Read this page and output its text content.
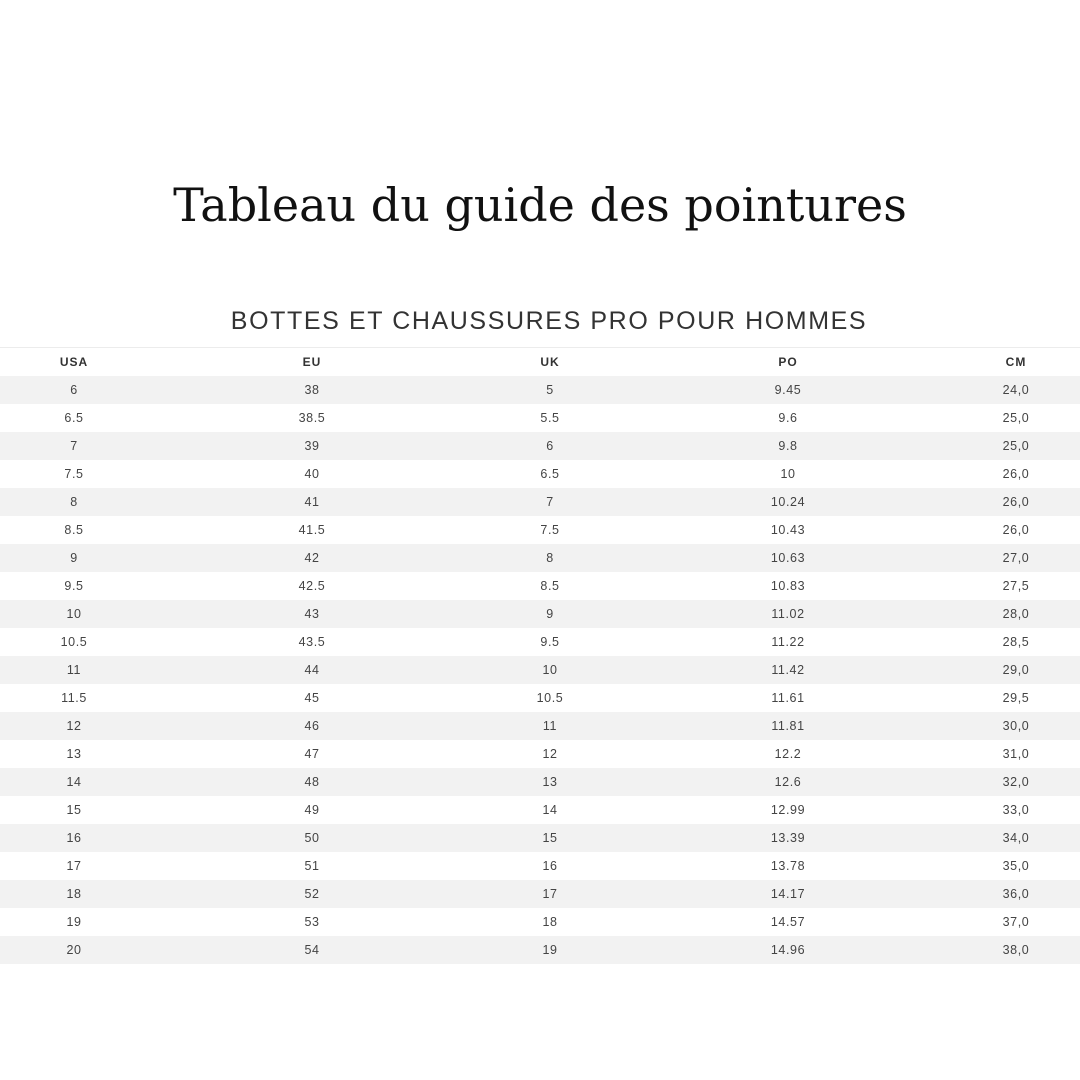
Tableau du guide des pointures
BOTTES ET CHAUSSURES PRO POUR HOMMES
USA	EU	UK	PO	CM
6	38	5	9.45	24,0
6.5	38.5	5.5	9.6	25,0
7	39	6	9.8	25,0
7.5	40	6.5	10	26,0
8	41	7	10.24	26,0
8.5	41.5	7.5	10.43	26,0
9	42	8	10.63	27,0
9.5	42.5	8.5	10.83	27,5
10	43	9	11.02	28,0
10.5	43.5	9.5	11.22	28,5
11	44	10	11.42	29,0
11.5	45	10.5	11.61	29,5
12	46	11	11.81	30,0
13	47	12	12.2	31,0
14	48	13	12.6	32,0
15	49	14	12.99	33,0
16	50	15	13.39	34,0
17	51	16	13.78	35,0
18	52	17	14.17	36,0
19	53	18	14.57	37,0
20	54	19	14.96	38,0
